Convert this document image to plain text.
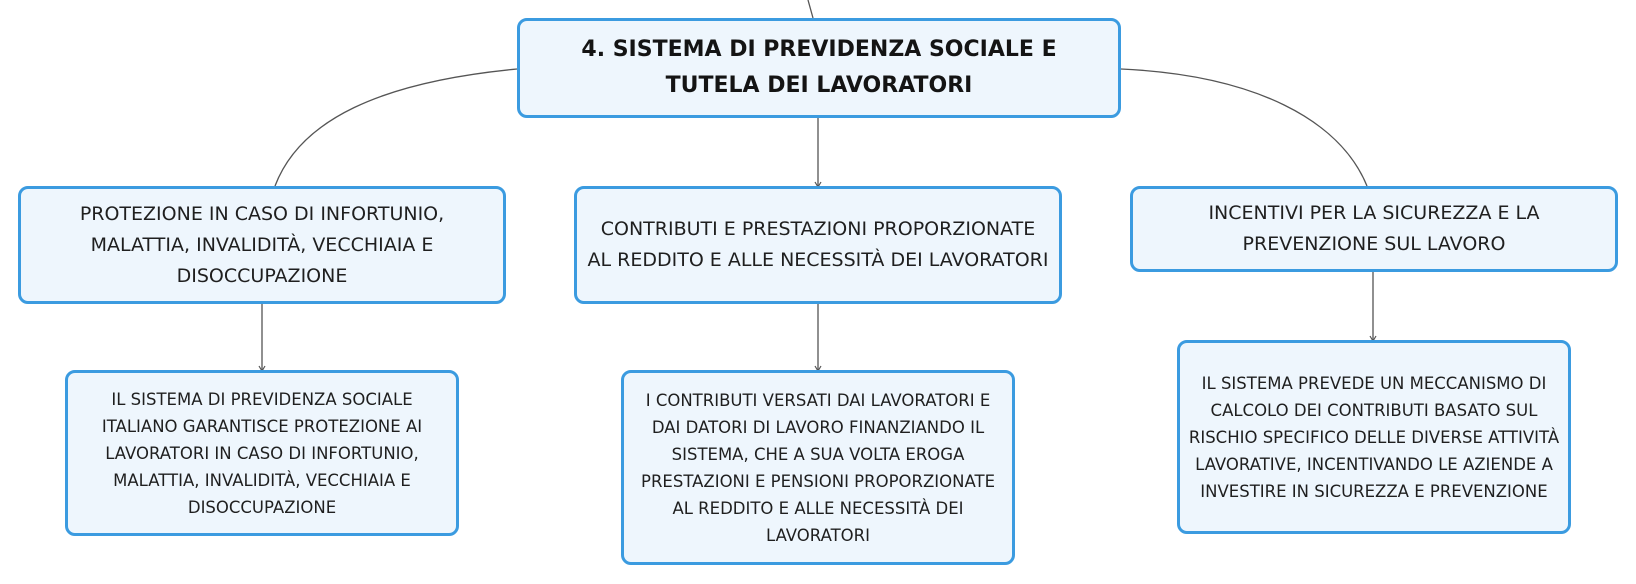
4. SISTEMA DI PREVIDENZA SOCIALE E TUTELA DEI LAVORATORI
PROTEZIONE IN CASO DI INFORTUNIO, MALATTIA, INVALIDITÀ, VECCHIAIA E DISOCCUPAZIONE
CONTRIBUTI E PRESTAZIONI PROPORZIONATE AL REDDITO E ALLE NECESSITÀ DEI LAVORATORI
INCENTIVI PER LA SICUREZZA E LA PREVENZIONE SUL LAVORO
IL SISTEMA DI PREVIDENZA SOCIALE ITALIANO GARANTISCE PROTEZIONE AI LAVORATORI IN CASO DI INFORTUNIO, MALATTIA, INVALIDITÀ, VECCHIAIA E DISOCCUPAZIONE
I CONTRIBUTI VERSATI DAI LAVORATORI E DAI DATORI DI LAVORO FINANZIANDO IL SISTEMA, CHE A SUA VOLTA EROGA PRESTAZIONI E PENSIONI PROPORZIONATE AL REDDITO E ALLE NECESSITÀ DEI LAVORATORI
IL SISTEMA PREVEDE UN MECCANISMO DI CALCOLO DEI CONTRIBUTI BASATO SUL RISCHIO SPECIFICO DELLE DIVERSE ATTIVITÀ LAVORATIVE, INCENTIVANDO LE AZIENDE A INVESTIRE IN SICUREZZA E PREVENZIONE
